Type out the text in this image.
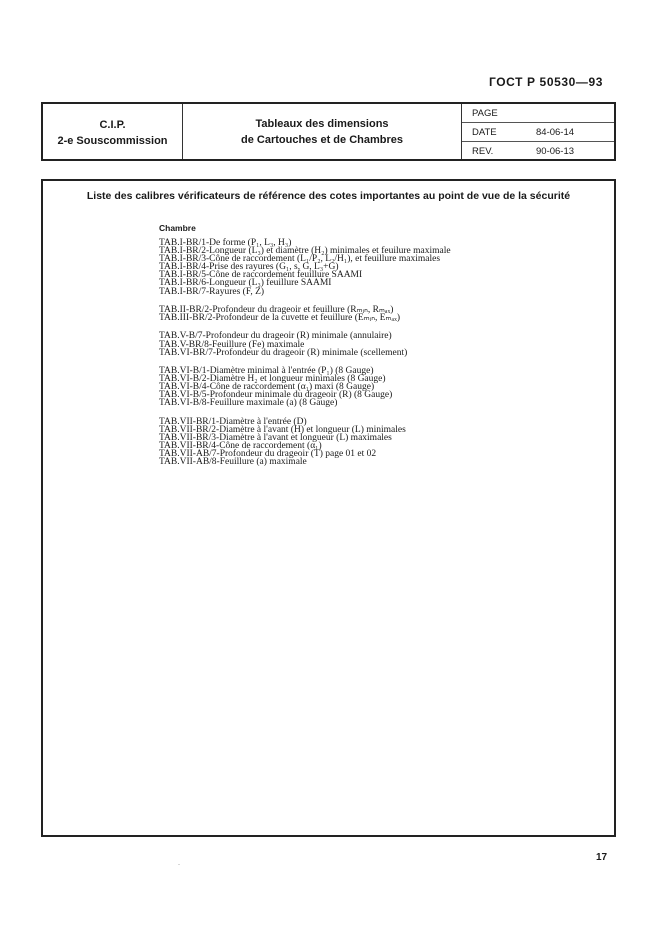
ГОСТ Р 50530—93
C.I.P.
2-e Souscommission
Tableaux des dimensions
de Cartouches et de Chambres
PAGE
DATE	84-06-14
REV.	90-06-13
Liste des calibres vérificateurs de référence des cotes importantes au point de vue de la sécurité
Chambre
TAB.I-BR/1-De forme (P₁, L₃, H₃)
TAB.I-BR/2-Longueur (L₃) et diamètre (H₂) minimales et feuilure maximale
TAB.I-BR/3-Cône de raccordement (L₁/P₂, L₂/H₁), et feuillure maximales
TAB.I-BR/4-Prise des rayures (G₁, s, G, L₃+G)
TAB.I-BR/5-Cône de raccordement feuillure SAAMI
TAB.I-BR/6-Longueur (L₃) feuillure SAAMI
TAB.I-BR/7-Rayures (F, Z)
TAB.II-BR/2-Profondeur du drageoir et feuillure (Rₘᵢₙ, Rₘₐₓ)
TAB.III-BR/2-Profondeur de la cuvette et feuillure (Eₘᵢₙ, Eₘₐₓ)
TAB.V-B/7-Profondeur du drageoir (R) minimale (annulaire)
TAB.V-BR/8-Feuillure (Fe) maximale
TAB.VI-BR/7-Profondeur du drageoir (R) minimale (scellement)
TAB.VI-B/1-Diamètre minimal à l'entrée (P₁) (8 Gauge)
TAB.VI-B/2-Diamètre H₂ et longueur minimales (8 Gauge)
TAB.VI-B/4-Cône de raccordement (α₁) maxi (8 Gauge)
TAB.VI-B/5-Profondeur minimale du drageoir (R) (8 Gauge)
TAB.VI-B/8-Feuillure maximale (a) (8 Gauge)
TAB.VII-BR/1-Diamètre à l'entrée (D)
TAB.VII-BR/2-Diamètre à l'avant (H) et longueur (L) minimales
TAB.VII-BR/3-Diamètre à l'avant et longueur (L) maximales
TAB.VII-BR/4-Cône de raccordement (α₁)
TAB.VII-AB/7-Profondeur du drageoir (T) page 01 et 02
TAB.VII-AB/8-Feuillure (a) maximale
.	17
